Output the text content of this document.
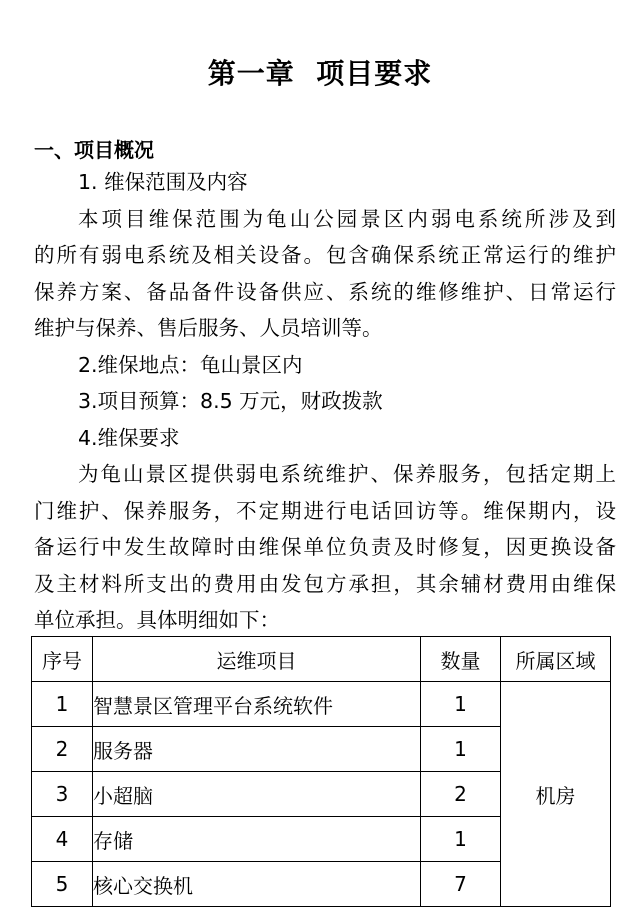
第一章  项目要求
一、项目概况
1. 维保范围及内容
本项目维保范围为龟山公园景区内弱电系统所涉及到
的所有弱电系统及相关设备。包含确保系统正常运行的维护
保养方案、备品备件设备供应、系统的维修维护、日常运行
维护与保养、售后服务、人员培训等。
2.维保地点：龟山景区内
3.项目预算：8.5 万元，财政拨款
4.维保要求
为龟山景区提供弱电系统维护、保养服务，包括定期上
门维护、保养服务，不定期进行电话回访等。维保期内，设
备运行中发生故障时由维保单位负责及时修复，因更换设备
及主材料所支出的费用由发包方承担，其余辅材费用由维保
单位承担。具体明细如下：
序号	运维项目	数量	所属区域
1	智慧景区管理平台系统软件	1	机房
2	服务器	1	
3	小超脑	2	
4	存储	1	
5	核心交换机	7	
